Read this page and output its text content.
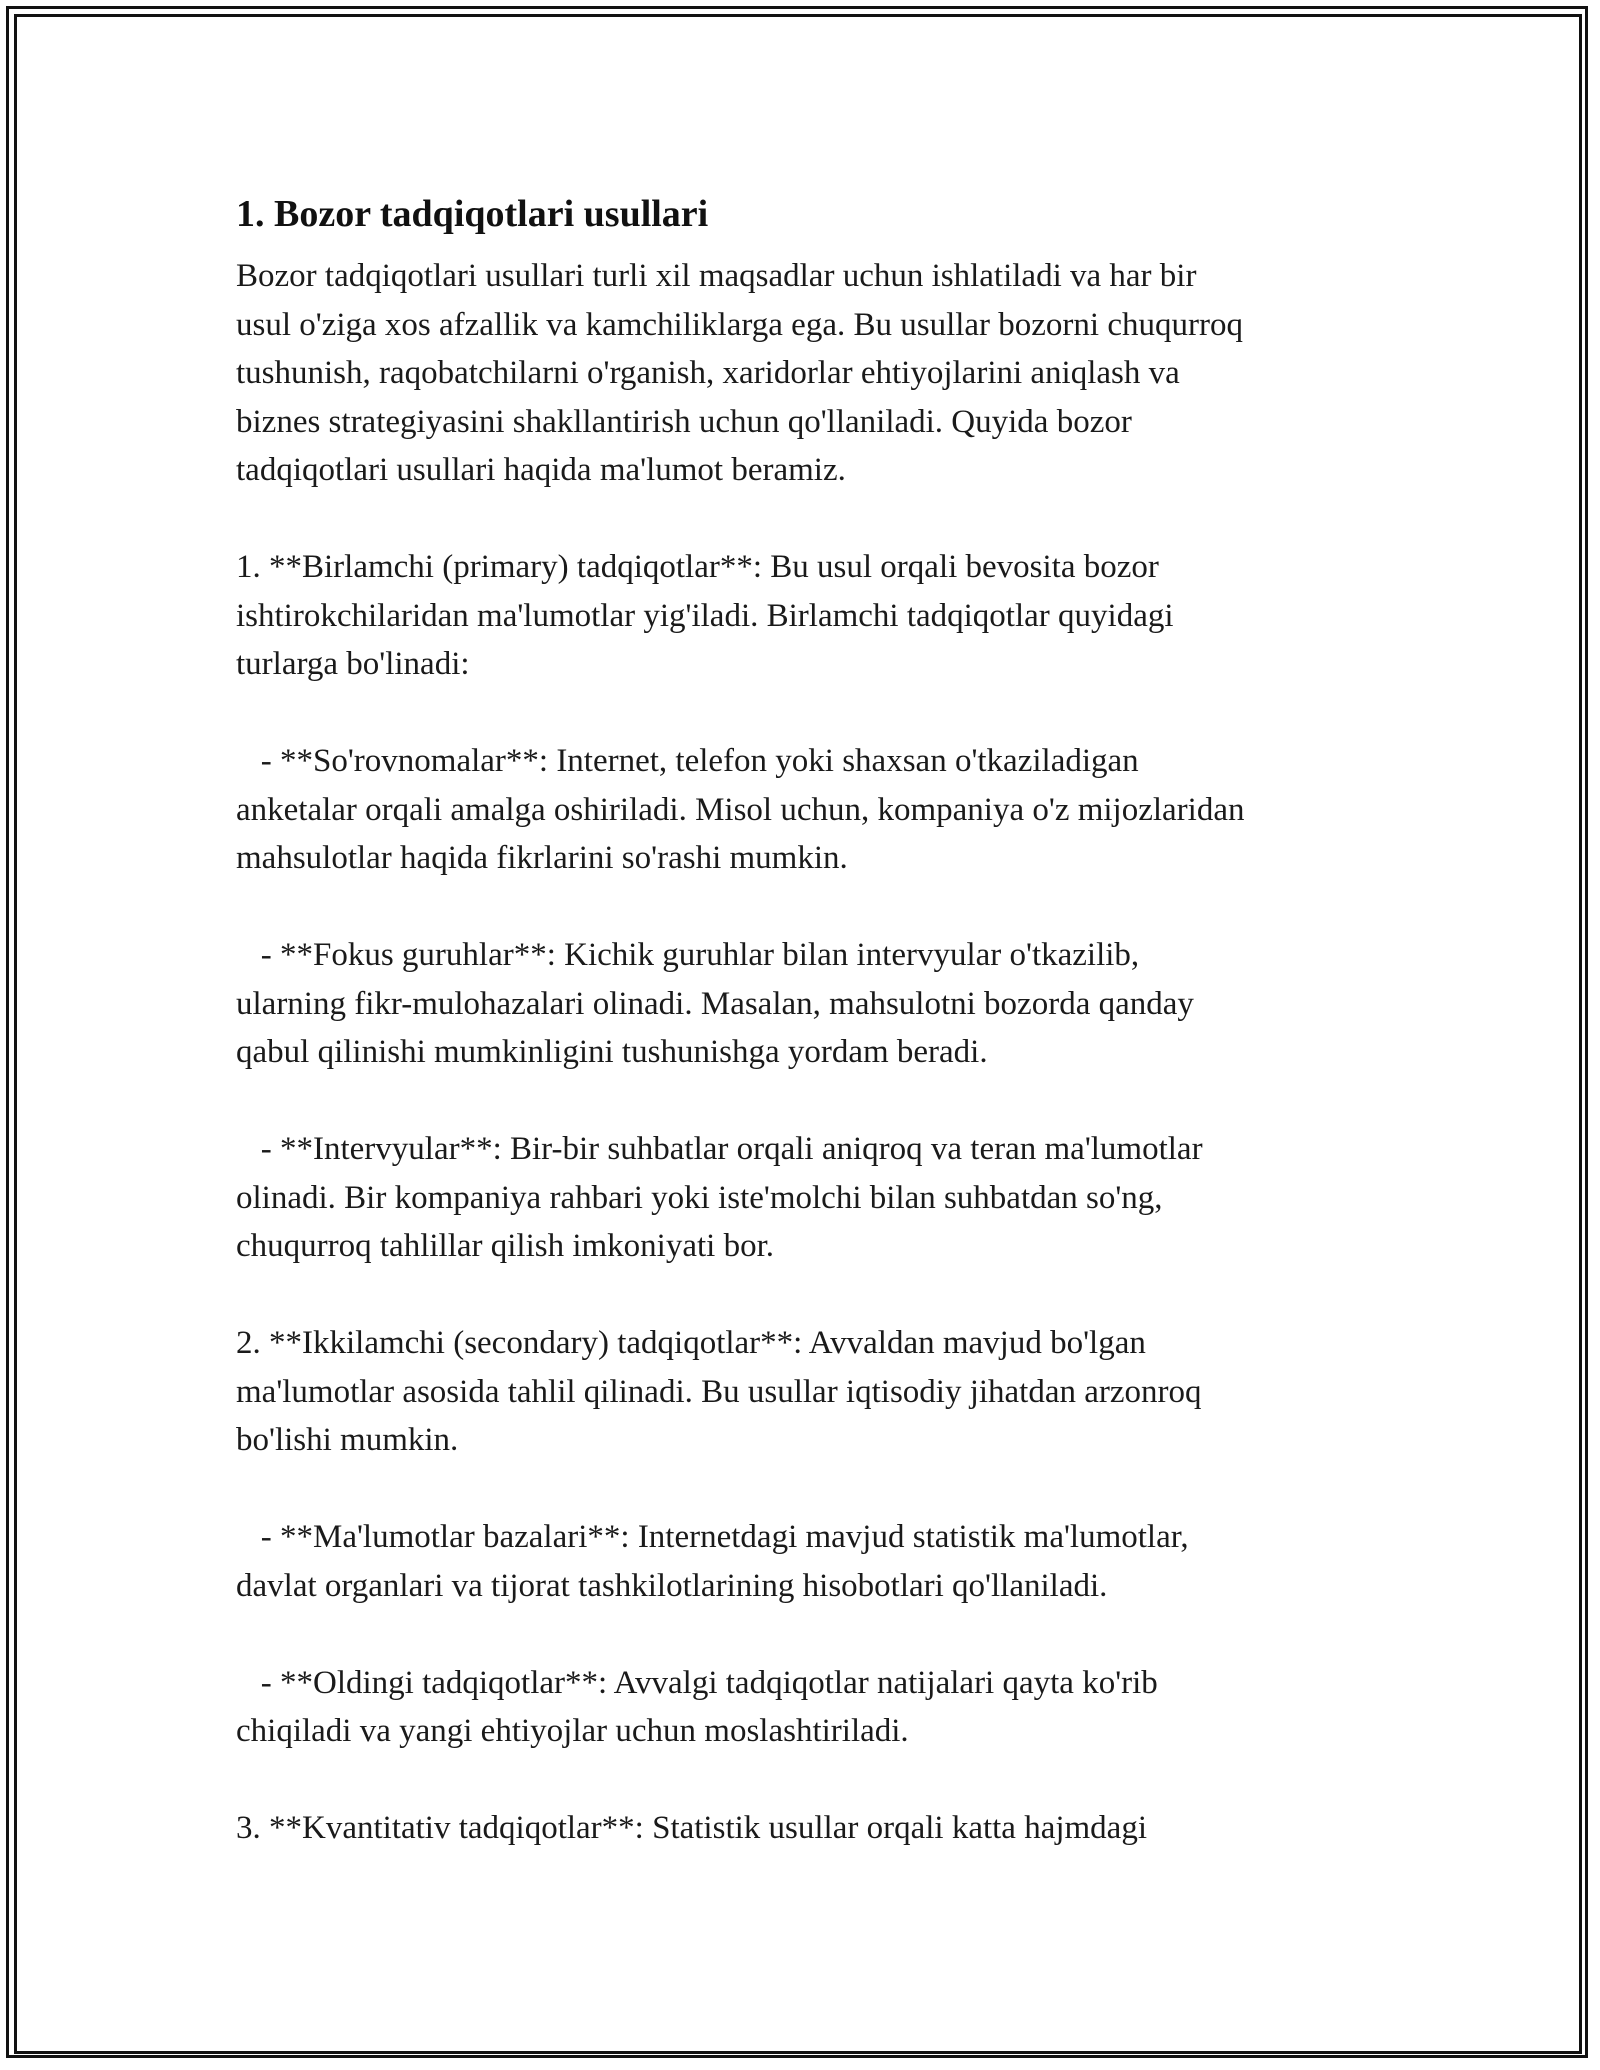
1. Bozor tadqiqotlari usullari

Bozor tadqiqotlari usullari turli xil maqsadlar uchun ishlatiladi va har bir
usul o'ziga xos afzallik va kamchiliklarga ega. Bu usullar bozorni chuqurroq
tushunish, raqobatchilarni o'rganish, xaridorlar ehtiyojlarini aniqlash va
biznes strategiyasini shakllantirish uchun qo'llaniladi. Quyida bozor
tadqiqotlari usullari haqida ma'lumot beramiz.

1. **Birlamchi (primary) tadqiqotlar**: Bu usul orqali bevosita bozor
ishtirokchilaridan ma'lumotlar yig'iladi. Birlamchi tadqiqotlar quyidagi
turlarga bo'linadi:

- **So'rovnomalar**: Internet, telefon yoki shaxsan o'tkaziladigan
anketalar orqali amalga oshiriladi. Misol uchun, kompaniya o'z mijozlaridan
mahsulotlar haqida fikrlarini so'rashi mumkin.

- **Fokus guruhlar**: Kichik guruhlar bilan intervyular o'tkazilib,
ularning fikr-mulohazalari olinadi. Masalan, mahsulotni bozorda qanday
qabul qilinishi mumkinligini tushunishga yordam beradi.

- **Intervyular**: Bir-bir suhbatlar orqali aniqroq va teran ma'lumotlar
olinadi. Bir kompaniya rahbari yoki iste'molchi bilan suhbatdan so'ng,
chuqurroq tahlillar qilish imkoniyati bor.

2. **Ikkilamchi (secondary) tadqiqotlar**: Avvaldan mavjud bo'lgan
ma'lumotlar asosida tahlil qilinadi. Bu usullar iqtisodiy jihatdan arzonroq
bo'lishi mumkin.

- **Ma'lumotlar bazalari**: Internetdagi mavjud statistik ma'lumotlar,
davlat organlari va tijorat tashkilotlarining hisobotlari qo'llaniladi.

- **Oldingi tadqiqotlar**: Avvalgi tadqiqotlar natijalari qayta ko'rib
chiqiladi va yangi ehtiyojlar uchun moslashtiriladi.

3. **Kvantitativ tadqiqotlar**: Statistik usullar orqali katta hajmdagi
